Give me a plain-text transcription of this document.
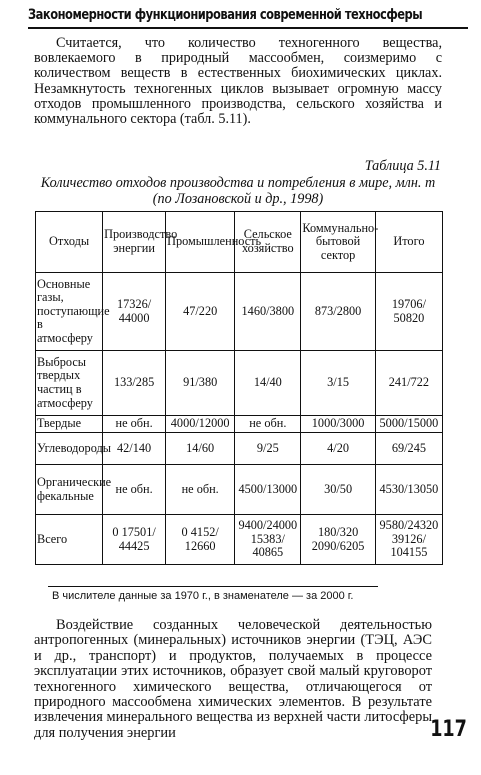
Закономерности функционирования современной техносферы
Считается, что количество техногенного вещества, вовлекаемого в природный массообмен, соизмеримо с количеством веществ в естественных биохимических циклах. Незамкнутость техногенных циклов вызывает огромную массу отходов промышленного производства, сельского хозяйства и коммунального сектора (табл. 5.11).
Таблица 5.11
Количество отходов производства и потребления в мире, млн. т (по Лозановской и др., 1998)
Отходы	Производство энергии	Промышленность	Сельское хозяйство	Коммунально-бытовой сектор	Итого
Основные газы, поступающие в атмосферу	17326/ 44000	47/220	1460/3800	873/2800	19706/ 50820
Выбросы твердых частиц в атмосферу	133/285	91/380	14/40	3/15	241/722
Твердые	не обн.	4000/12000	не обн.	1000/3000	5000/15000
Углеводороды	42/140	14/60	9/25	4/20	69/245
Органические фекальные	не обн.	не обн.	4500/13000	30/50	4530/13050
Всего	0 17501/ 44425	0 4152/ 12660	9400/24000 15383/ 40865	180/320 2090/6205	9580/24320 39126/ 104155
В числителе данные за 1970 г., в знаменателе — за 2000 г.
Воздействие созданных человеческой деятельностью антропогенных (минеральных) источников энергии (ТЭЦ, АЭС и др., транспорт) и продуктов, получаемых в процессе эксплуатации этих источников, образует свой малый круговорот техногенного химического вещества, отличающегося от природного массообмена химических элементов. В результате извлечения минерального вещества из верхней части литосферы для получения энергии	117
